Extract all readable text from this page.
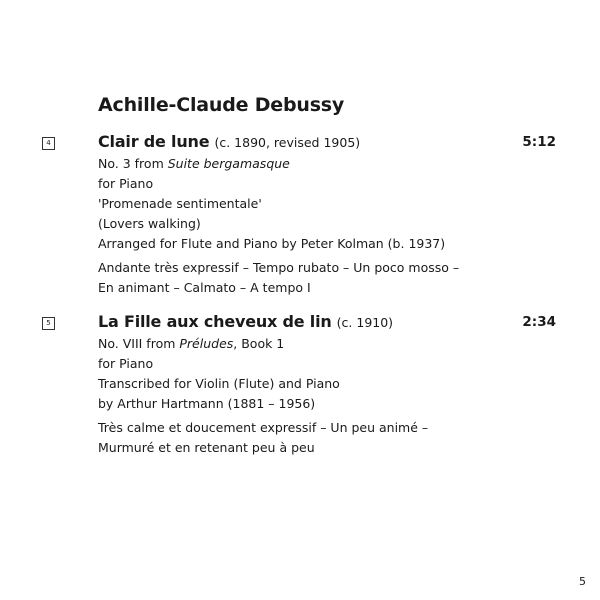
Achille-Claude Debussy
4	Clair de lune (c. 1890, revised 1905)
No. 3 from Suite bergamasque
for Piano
'Promenade sentimentale'
(Lovers walking)
Arranged for Flute and Piano by Peter Kolman (b. 1937)
Andante très expressif – Tempo rubato – Un poco mosso –
En animant – Calmato – A tempo I
5:12
5	La Fille aux cheveux de lin (c. 1910)
No. VIII from Préludes, Book 1
for Piano
Transcribed for Violin (Flute) and Piano
by Arthur Hartmann (1881 – 1956)
Très calme et doucement expressif – Un peu animé –
Murmuré et en retenant peu à peu
2:34
5
